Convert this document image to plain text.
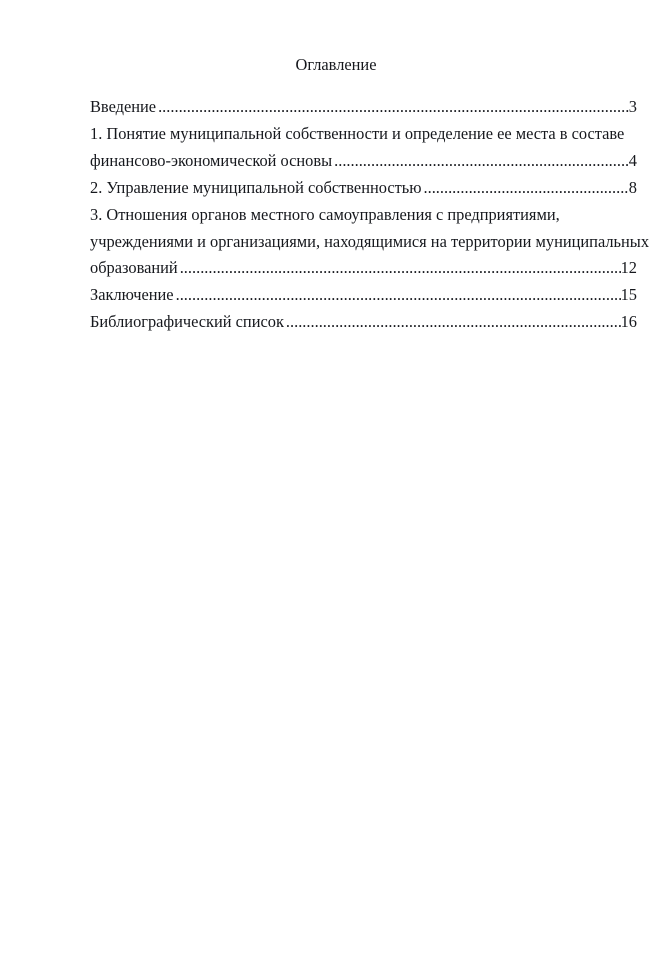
Оглавление
Введение .....	3
1. Понятие муниципальной собственности и определение ее места в составе
финансово-экономической основы .....	4
2. Управление муниципальной собственностью .....	8
3. Отношения органов местного самоуправления с предприятиями,
учреждениями и организациями, находящимися на территории муниципальных
образований .....	12
Заключение .....	15
Библиографический список .....	16
